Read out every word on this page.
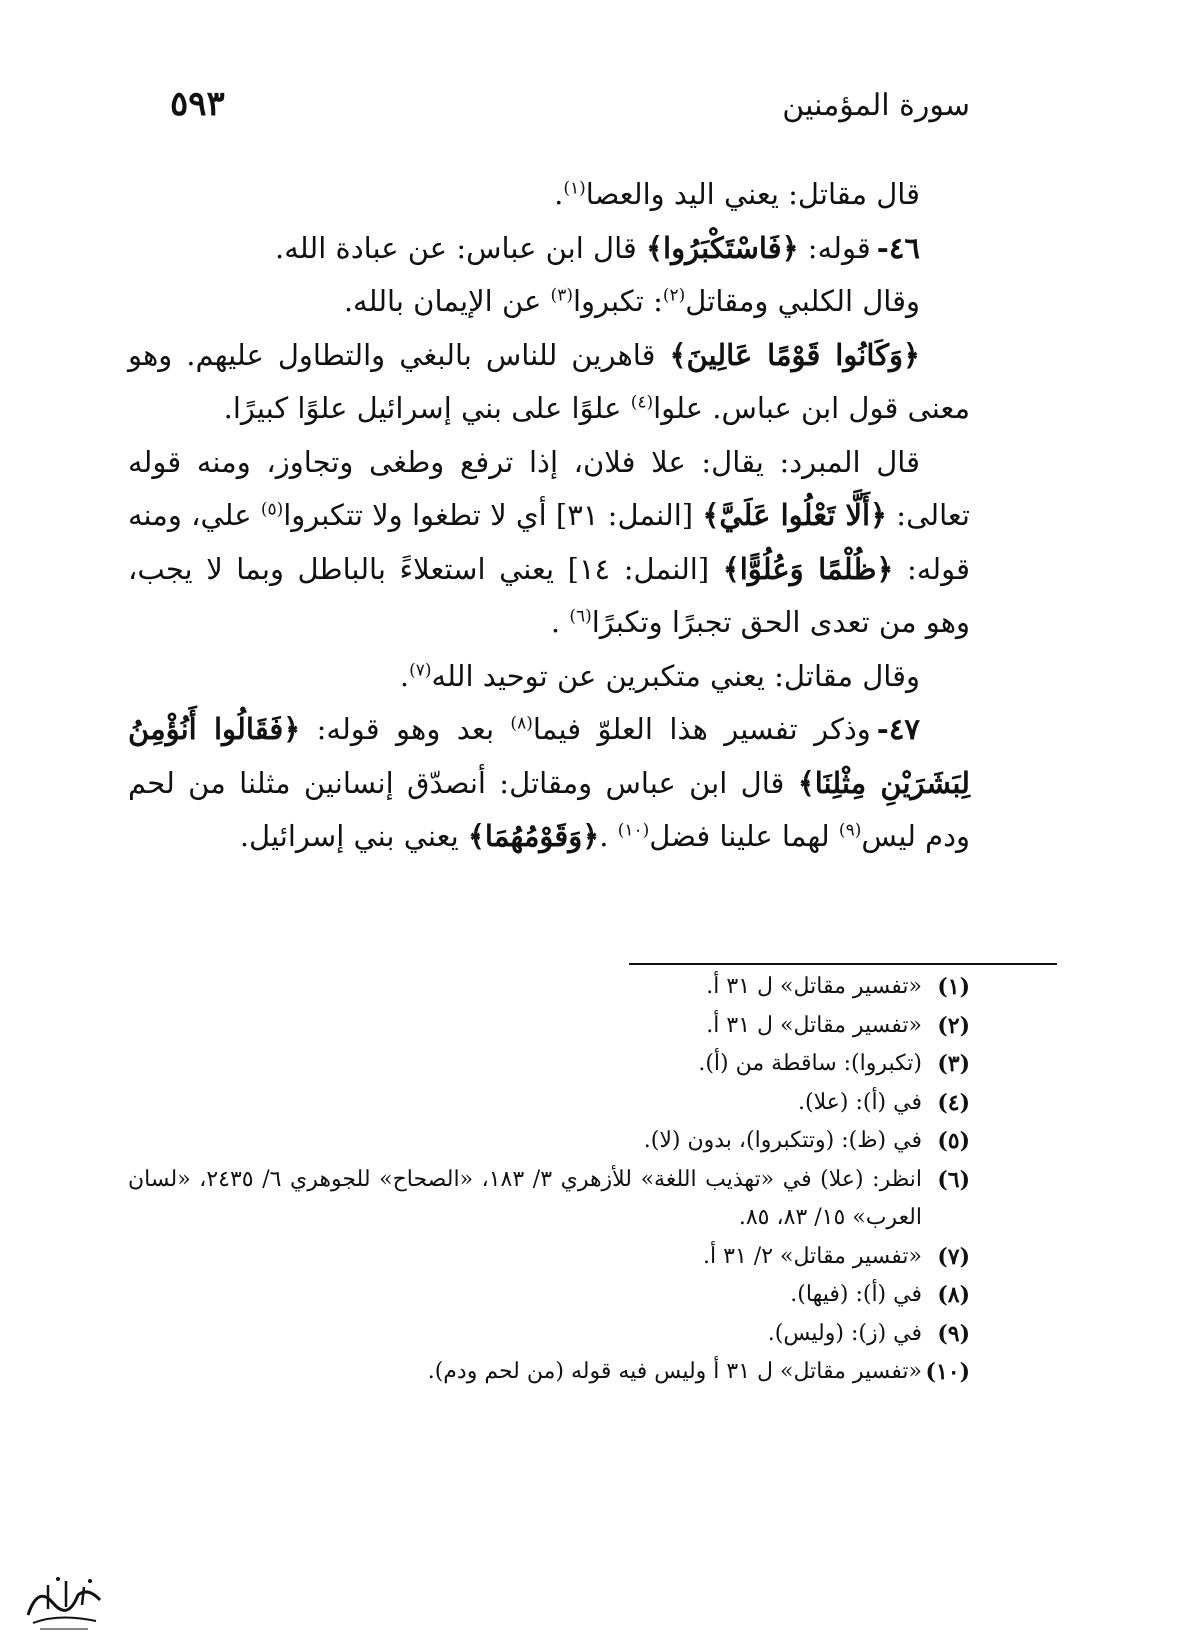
سورة المؤمنين
٥٩٣

قال مقاتل: يعني اليد والعصا$^{(١)}$.

٤٦-قوله: ﴿فَاسْتَكْبَرُوا﴾ قال ابن عباس: عن عبادة الله.

وقال الكلبي ومقاتل$^{(٢)}$: تكبروا$^{(٣)}$ عن الإيمان بالله.

﴿وَكَانُوا قَوْمًا عَالِينَ﴾ قاهرين للناس بالبغي والتطاول عليهم. وهو معنى قول ابن عباس. علوا$^{(٤)}$ علوًا على بني إسرائيل علوًا كبيرًا.

قال المبرد: يقال: علا فلان، إذا ترفع وطغى وتجاوز، ومنه قوله تعالى: ﴿أَلَّا تَعْلُوا عَلَيَّ﴾ [النمل: ٣١] أي لا تطغوا ولا تتكبروا$^{(٥)}$ علي، ومنه قوله: ﴿ظُلْمًا وَعُلُوًّا﴾ [النمل: ١٤] يعني استعلاءً بالباطل وبما لا يجب، وهو من تعدى الحق تجبرًا وتكبرًا$^{(٦)}$ .

وقال مقاتل: يعني متكبرين عن توحيد الله$^{(٧)}$.

٤٧-وذكر تفسير هذا العلوّ فيما$^{(٨)}$ بعد وهو قوله: ﴿فَقَالُوا أَنُؤْمِنُ لِبَشَرَيْنِ مِثْلِنَا﴾ قال ابن عباس ومقاتل: أنصدّق إنسانين مثلنا من لحم ودم ليس$^{(٩)}$ لهما علينا فضل$^{(١٠)}$ .﴿وَقَوْمُهُمَا﴾ يعني بني إسرائيل.

(١)
«تفسير مقاتل» ل ٣١ أ.
(٢)
«تفسير مقاتل» ل ٣١ أ.
(٣)
(تكبروا): ساقطة من (أ).
(٤)
في (أ): (علا).
(٥)
في (ظ): (وتتكبروا)، بدون (لا).
(٦)
انظر: (علا) في «تهذيب اللغة» للأزهري ٣/ ١٨٣، «الصحاح» للجوهري ٦/ ٢٤٣٥، «لسان العرب» ١٥/ ٨٣، ٨٥.
(٧)
«تفسير مقاتل» ٢/ ٣١ أ.
(٨)
في (أ): (فيها).
(٩)
في (ز): (وليس).
(١٠)
«تفسير مقاتل» ل ٣١ أ وليس فيه قوله (من لحم ودم).
